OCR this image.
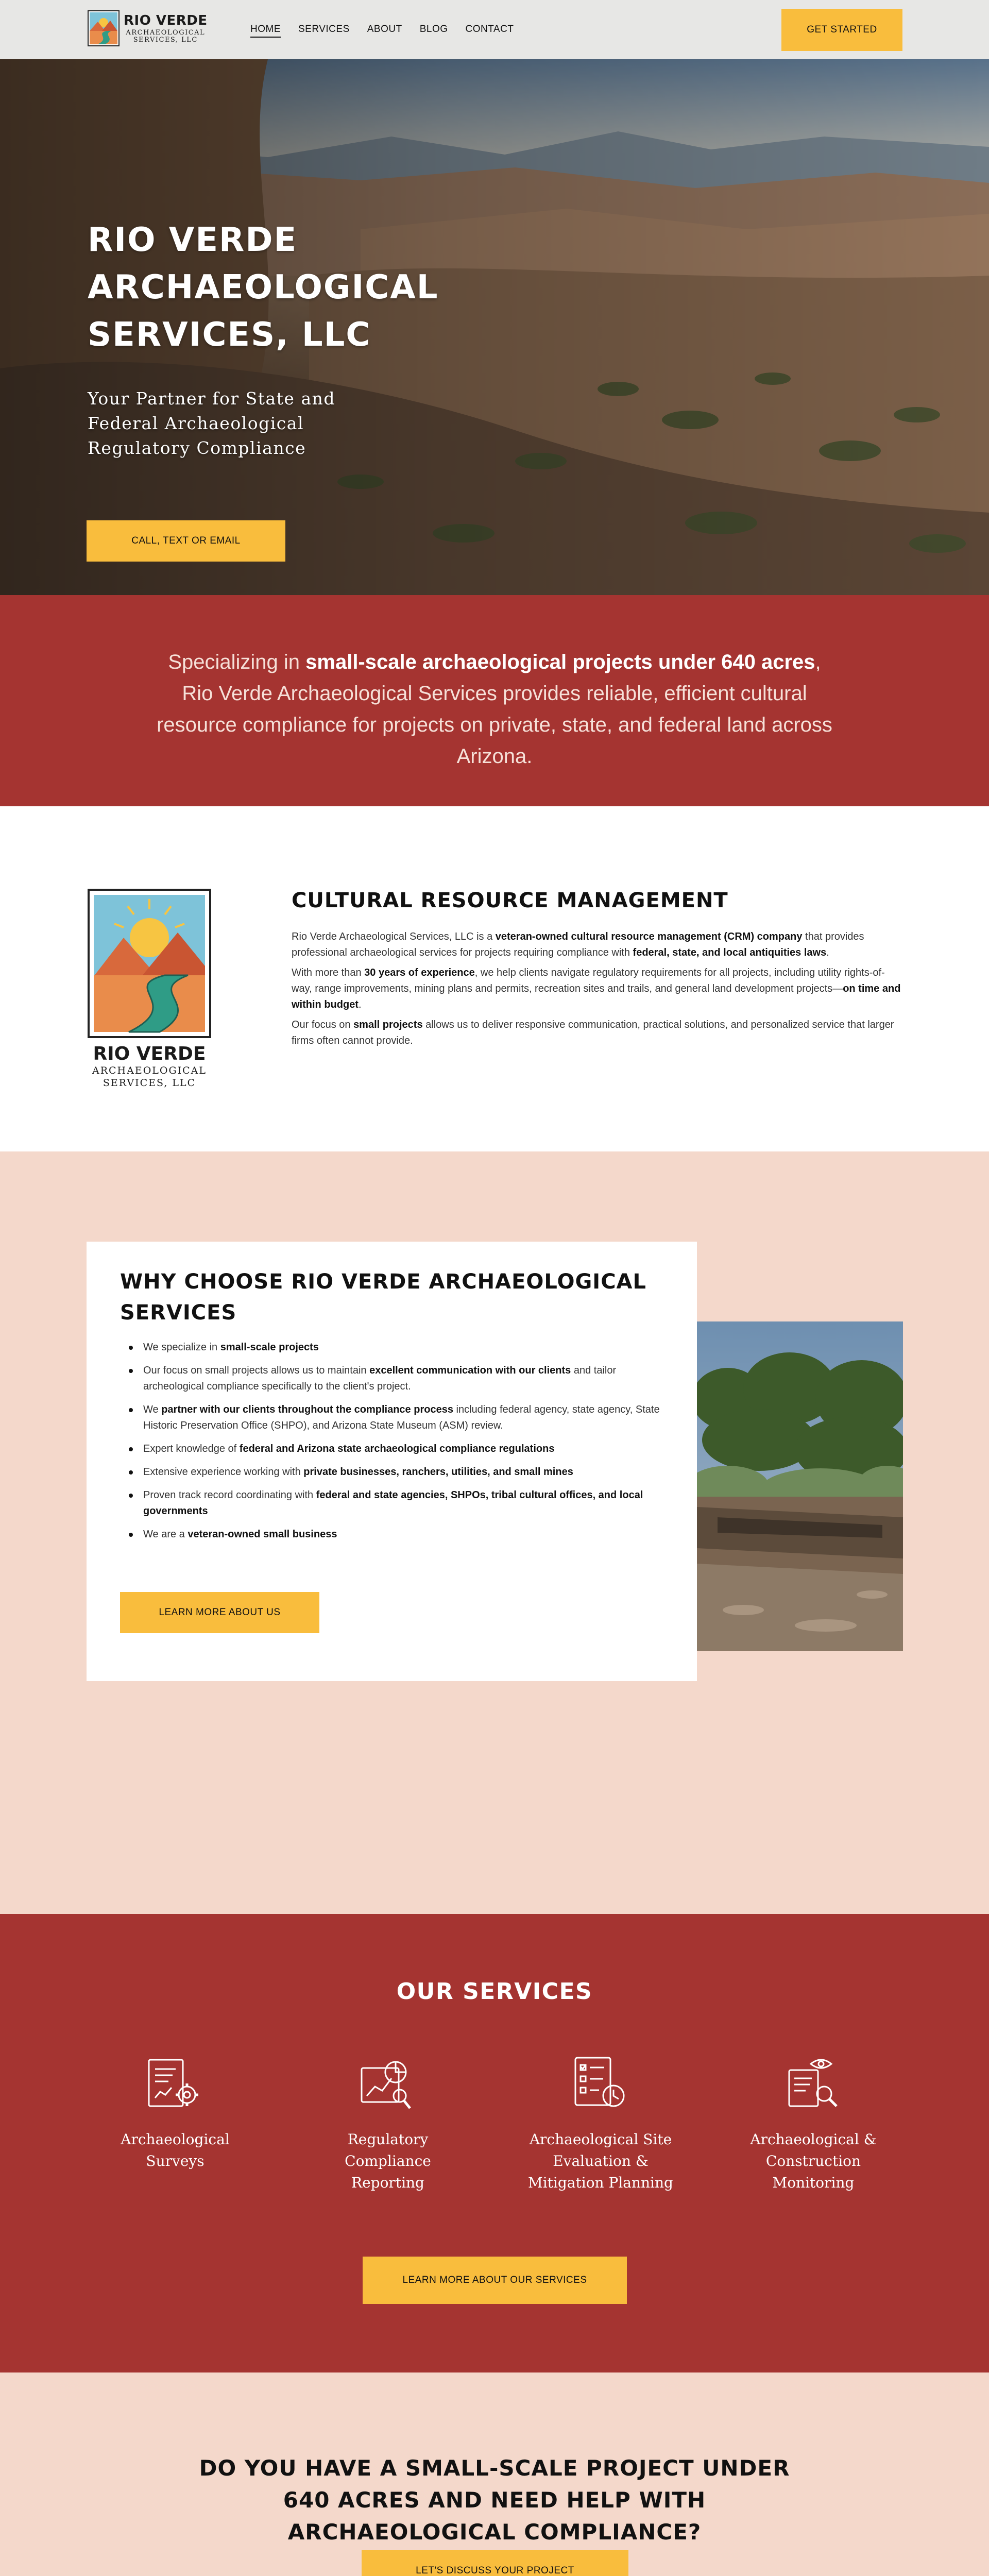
RIO VERDE
ARCHAEOLOGICAL
SERVICES, LLC
HOME SERVICES ABOUT BLOG CONTACT	GET STARTED
RIO VERDE ARCHAEOLOGICAL SERVICES, LLC

Your Partner for State and Federal Archaeological Regulatory Compliance

CALL, TEXT OR EMAIL

Specializing in small-scale archaeological projects under 640 acres, Rio Verde Archaeological Services provides reliable, efficient cultural resource compliance for projects on private, state, and federal land across Arizona.

RIO VERDE
ARCHAEOLOGICAL
SERVICES, LLC
CULTURAL RESOURCE MANAGEMENT

Rio Verde Archaeological Services, LLC is a veteran-owned cultural resource management (CRM) company that provides professional archaeological services for projects requiring compliance with federal, state, and local antiquities laws.

With more than 30 years of experience, we help clients navigate regulatory requirements for all projects, including utility rights-of-way, range improvements, mining plans and permits, recreation sites and trails, and general land development projects—on time and within budget.

Our focus on small projects allows us to deliver responsive communication, practical solutions, and personalized service that larger firms often cannot provide.

WHY CHOOSE RIO VERDE ARCHAEOLOGICAL SERVICES
We specialize in small-scale projects
Our focus on small projects allows us to maintain excellent communication with our clients and tailor archeological compliance specifically to the client's project.
We partner with our clients throughout the compliance process including federal agency, state agency, State Historic Preservation Office (SHPO), and Arizona State Museum (ASM) review.
Expert knowledge of federal and Arizona state archaeological compliance regulations
Extensive experience working with private businesses, ranchers, utilities, and small mines
Proven track record coordinating with federal and state agencies, SHPOs, tribal cultural offices, and local governments
We are a veteran-owned small business
LEARN MORE ABOUT US
OUR SERVICES
Archaeological Surveys
Regulatory Compliance Reporting
Archaeological Site Evaluation & Mitigation Planning
Archaeological & Construction Monitoring
LEARN MORE ABOUT OUR SERVICES
DO YOU HAVE A SMALL-SCALE PROJECT UNDER 640 ACRES AND NEED HELP WITH ARCHAEOLOGICAL COMPLIANCE?
LET'S DISCUSS YOUR PROJECT
